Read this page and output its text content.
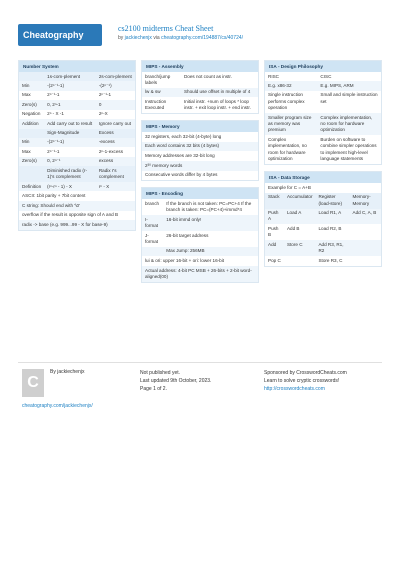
Cheatography
cs2100 midterms Cheat Sheet
by jackiechenjx via cheatography.com/194887/cs/40724/
Number System
	1s-com-plement	2s-com-plement
Min	-(2ⁿ⁻¹-1)	-(2ⁿ⁻¹)
Max	2ⁿ⁻¹-1	2ⁿ⁻¹-1
Zero(s)	0, 2ⁿ-1	0
Negation	2ⁿ - X -1	2ⁿ-X
Addition	Add carry out to result	Ignore carry out
	Sign-Magnitude	Excess
Min	-(2ⁿ⁻¹-1)	-excess
Max	2ⁿ⁻¹-1	2ⁿ-1-excess
Zero(s)	0, 2ⁿ⁻¹	excess
	Diminished radix (r-1)'s complement	Radix r's complement
Definition	(rⁿ-rⁿ - 1) - X	rⁿ - X
ASCII: 1bit parity + 7bit content
C string: Should end with '\0'
overflow if the result is opposite sign of A and B
radix -> base (e.g. 999...99 - X for base-9)
MIPS - Assembly
branch/jump labels	Does not count as instr.
lw & sw	Should use offset in multiple of 4
Instruction Executed	Initial instr. +num of loops * loop instr. + exit loop instr. + end instr.
MIPS - Memory
32 registers, each 32-bit (4-byte) long
Each word contains 32 bits (4 bytes)
Memory addresses are 32-bit long
2³⁰ memory words
Consecutive words differ by 4 bytes
MIPS - Encoding
branch	If the branch is not taken: PC=PC+4 If the branch is taken: PC=(PC+4)+immd*4
I-format	16-bit immd only!
J-format	26-bit target address
	Max Jump: 256MB
lui & ori: upper 16-bit + ori: lower 16-bit
Actual address: 4-bit PC MSB + 26-bits + 2-bit word-aligned(00)
ISA - Design Philosophy
RISC	CISC
E.g. x86-32	E.g. MIPS, ARM
Single instruction performs complex operation	Small and simple instruction set
Smaller program size as memory was premium	Complex implementation, no room for hardware optimization
Complex implementation, no room for hardware optimization	Burden on software to combine simpler operations to implement high-level language statements
ISA - Data Storage
Example for C = A+B
Stack	Accumulator	Register (load-store)	Memory-Memory
Push A	Load A	Load R1, A	Add C, A, B
Push B	Add B	Load R2, B	
Add	Store C	Add R3, R1, R2	
Pop C		Store R3, C	
C
By jackiechenjx
cheatography.com/jackiechenjx/
Not published yet.
Last updated 9th October, 2023.
Page 1 of 2.
Sponsored by CrosswordCheats.com
Learn to solve cryptic crosswords!
http://crosswordcheats.com
